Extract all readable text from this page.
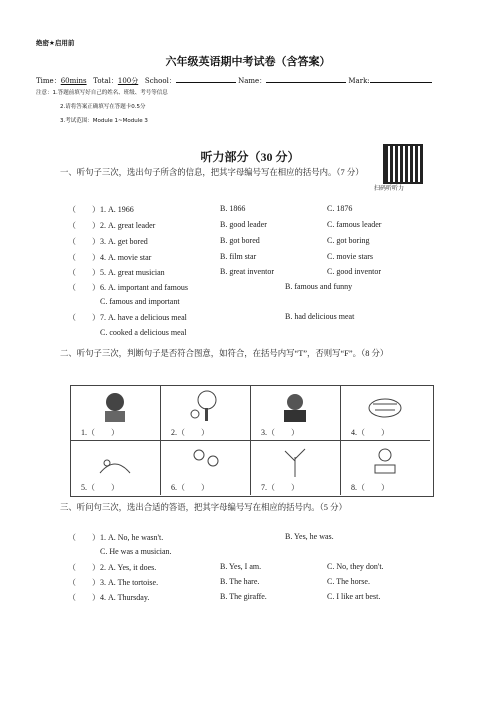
绝密★启用前
六年级英语期中考试卷（含答案）
Time：60mins Total：100分 School：	Name：	Mark:
注意：1.答题前填写好自己的姓名、班级、考号等信息
2.请将答案正确填写在答题卡0.5分
3.考试范围：Module 1~Module 3
听力部分（30 分）
扫码听听力
一、听句子三次，选出句子所含的信息，把其字母编号写在相应的括号内。（7 分）
（　　）1. A. 1966	B. 1866	C. 1876
（　　）2. A. great leader	B. good leader	C. famous leader
（　　）3. A. get bored	B. got bored	C. got boring
（　　）4. A. movie star	B. film star	C. movie stars
（　　）5. A. great musician	B. great inventor	C. good inventor
（　　）6. A. important and famous	B. famous and funny
　　　　C. famous and important
（　　）7. A. have a delicious meal	B. had delicious meat
　　　　C. cooked a delicious meal
二、听句子三次，判断句子是否符合图意，如符合，在括号内写“T”，否则写“F”。（8 分）
1.（　　）	2.（　　）	3.（　　）	4.（　　）
5.（　　）	6.（　　）	7.（　　）	8.（　　）
三、听问句三次，选出合适的答语，把其字母编号写在相应的括号内。（5 分）
（　　）1. A. No, he wasn't.	B. Yes, he was.
　　　　C. He was a musician.
（　　）2. A. Yes, it does.	B. Yes, I am.	C. No, they don't.
（　　）3. A. The tortoise.	B. The hare.	C. The horse.
（　　）4. A. Thursday.	B. The giraffe.	C. I like art best.
